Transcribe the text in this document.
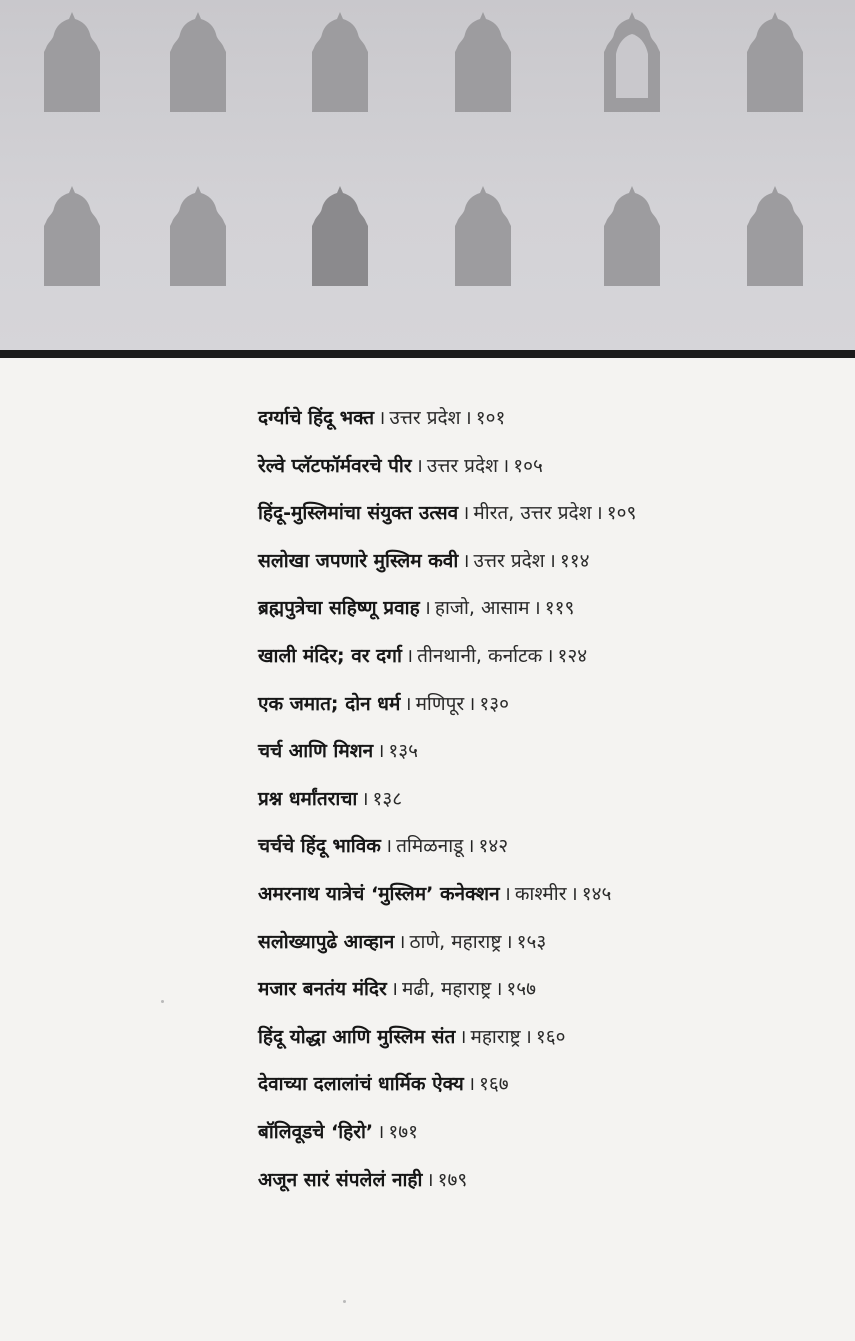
दर्ग्याचे हिंदू भक्त । उत्तर प्रदेश । १०१
रेल्वे प्लॅटफॉर्मवरचे पीर । उत्तर प्रदेश । १०५
हिंदू-मुस्लिमांचा संयुक्त उत्सव । मीरत, उत्तर प्रदेश । १०९
सलोखा जपणारे मुस्लिम कवी । उत्तर प्रदेश । ११४
ब्रह्मपुत्रेचा सहिष्णू प्रवाह । हाजो, आसाम । ११९
खाली मंदिर; वर दर्गा । तीनथानी, कर्नाटक । १२४
एक जमात; दोन धर्म । मणिपूर । १३०
चर्च आणि मिशन । १३५
प्रश्न धर्मांतराचा । १३८
चर्चचे हिंदू भाविक । तमिळनाडू । १४२
अमरनाथ यात्रेचं ‘मुस्लिम’ कनेक्शन । काश्मीर । १४५
सलोख्यापुढे आव्हान । ठाणे, महाराष्ट्र । १५३
मजार बनतंय मंदिर । मढी, महाराष्ट्र । १५७
हिंदू योद्धा आणि मुस्लिम संत । महाराष्ट्र । १६०
देवाच्या दलालांचं धार्मिक ऐक्य । १६७
बॉलिवूडचे ‘हिरो’ । १७१
अजून सारं संपलेलं नाही । १७९
